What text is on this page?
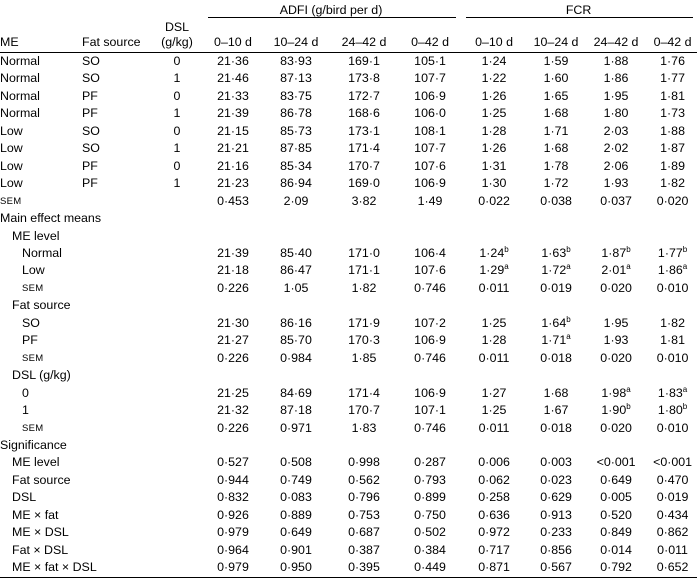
			ADFI (g/bird per d)				FCR			
ME	Fat source	DSL
(g/kg)	0–10 d	10–24 d	24–42 d	0–42 d	0–10 d	10–24 d	24–42 d	0–42 d
Normal	SO	0	21·36	83·93	169·1	105·1	1·24	1·59	1·88	1·76
Normal	SO	1	21·46	87·13	173·8	107·7	1·22	1·60	1·86	1·77
Normal	PF	0	21·33	83·75	172·7	106·9	1·26	1·65	1·95	1·81
Normal	PF	1	21·39	86·78	168·6	106·0	1·25	1·68	1·80	1·73
Low	SO	0	21·15	85·73	173·1	108·1	1·28	1·71	2·03	1·88
Low	SO	1	21·21	87·85	171·4	107·7	1·26	1·68	2·02	1·87
Low	PF	0	21·16	85·34	170·7	107·6	1·31	1·78	2·06	1·89
Low	PF	1	21·23	86·94	169·0	106·9	1·30	1·72	1·93	1·82
SEM			0·453	2·09	3·82	1·49	0·022	0·038	0·037	0·020
Main effect means										
ME level										
Normal			21·39	85·40	171·0	106·4	$1\cdot 24^b$	$1\cdot 63^b$	$1\cdot 87^b$	$1\cdot 77^b$
Low			21·18	86·47	171·1	107·6	$1\cdot 29^a$	$1\cdot 72^a$	$2\cdot 01^a$	$1\cdot 86^a$
SEM			0·226	1·05	1·82	0·746	0·011	0·019	0·020	0·010
Fat source										
SO			21·30	86·16	171·9	107·2	1·25	$1\cdot 64^b$	1·95	1·82
PF			21·27	85·70	170·3	106·9	1·28	$1\cdot 71^a$	1·93	1·81
SEM			0·226	0·984	1·85	0·746	0·011	0·018	0·020	0·010
DSL (g/kg)										
0			21·25	84·69	171·4	106·9	1·27	1·68	$1\cdot 98^a$	$1\cdot 83^a$
1			21·32	87·18	170·7	107·1	1·25	1·67	$1\cdot 90^b$	$1\cdot 80^b$
SEM			0·226	0·971	1·83	0·746	0·011	0·018	0·020	0·010
Significance										
ME level			0·527	0·508	0·998	0·287	0·006	0·003	<0·001	<0·001
Fat source			0·944	0·749	0·562	0·793	0·062	0·023	0·649	0·470
DSL			0·832	0·083	0·796	0·899	0·258	0·629	0·005	0·019
ME × fat			0·926	0·889	0·753	0·750	0·636	0·913	0·520	0·434
ME × DSL			0·979	0·649	0·687	0·502	0·972	0·233	0·849	0·862
Fat × DSL			0·964	0·901	0·387	0·384	0·717	0·856	0·014	0·011
ME × fat × DSL			0·979	0·950	0·395	0·449	0·871	0·567	0·792	0·652
